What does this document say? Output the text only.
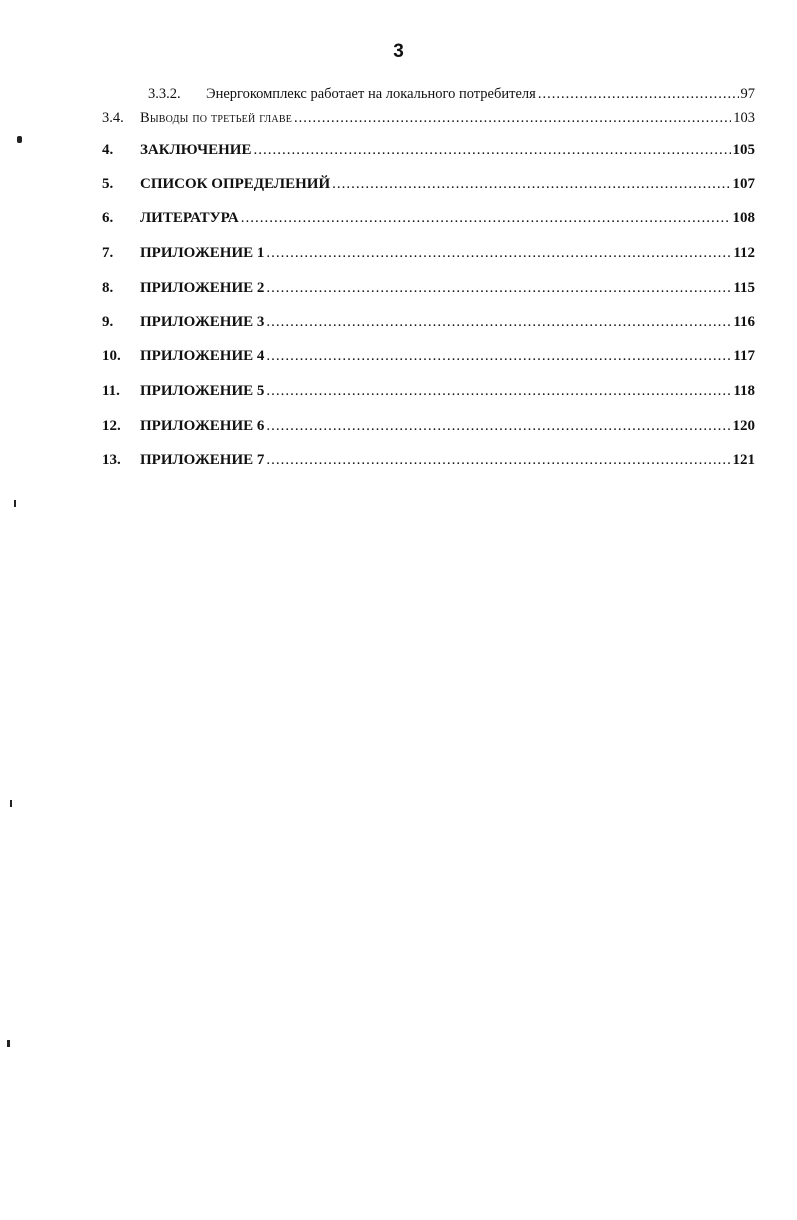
3
3.3.2.	Энергокомплекс работает на локального потребителя .....	97
3.4.	Выводы по третьей главе .....	103
4.	ЗАКЛЮЧЕНИЕ .....	105
5.	СПИСОК ОПРЕДЕЛЕНИЙ .....	107
6.	ЛИТЕРАТУРА .....	108
7.	ПРИЛОЖЕНИЕ 1 .....	112
8.	ПРИЛОЖЕНИЕ 2 .....	115
9.	ПРИЛОЖЕНИЕ 3 .....	116
10.	ПРИЛОЖЕНИЕ 4 .....	117
11.	ПРИЛОЖЕНИЕ 5 .....	118
12.	ПРИЛОЖЕНИЕ 6 .....	120
13.	ПРИЛОЖЕНИЕ 7 .....	121
